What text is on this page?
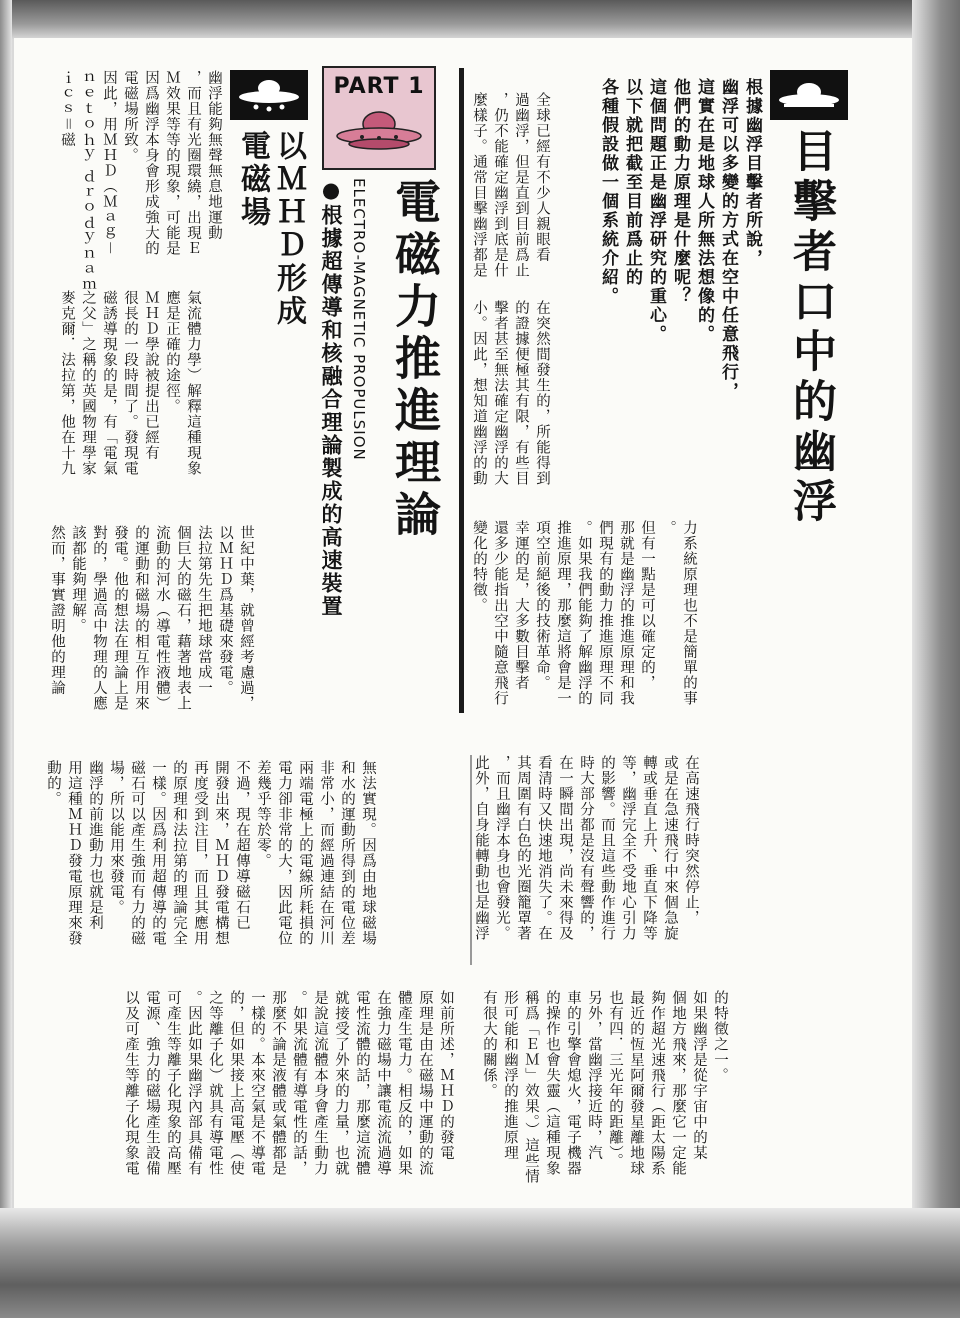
目擊者口中的幽浮
根據幽浮目擊者所說，
幽浮可以多變的方式在空中任意飛行，
這實在是地球人所無法想像的。
他們的動力原理是什麼呢？
這個問題正是幽浮研究的重心。
以下就把截至目前爲止的
各種假設做一個系統介紹。
全球已經有不少人親眼看
過幽浮，但是直到目前爲止
，仍不能確定幽浮到底是什
麼樣子。通常目擊幽浮都是
在突然間發生的，所能得到
的證據便極其有限，有些目
擊者甚至無法確定幽浮的大
小。因此，想知道幽浮的動
力系統原理也不是簡單的事
。
但有一點是可以確定的，
那就是幽浮的推進原理和我
們現有的動力推進原理不同
。如果我們能夠了解幽浮的
推進原理，那麼這將會是一
項空前絕後的技術革命。
幸運的是，大多數目擊者
還多少能指出空中隨意飛行
變化的特徵。
在高速飛行時突然停止，
或是在急速飛行中來個急旋
轉或垂直上升、垂直下降等
等，幽浮完全不受地心引力
的影響。而且這些動作進行
時大部分都是沒有聲響的，
在一瞬間出現，尚未來得及
看清時又快速地消失了。在
其周圍有白色的光圈籠罩著
，而且幽浮本身也會發光。
此外，自身能轉動也是幽浮
的特徵之一。
如果幽浮是從宇宙中的某
個地方飛來，那麼它一定能
夠作超光速飛行（距太陽系
最近的恆星阿爾發星離地球
也有四．三光年的距離）。
另外，當幽浮接近時，汽
車的引擎會熄火，電子機器
的操作也會失靈（這種現象
稱爲「ＥＭ」效果。）這些情
形可能和幽浮的推進原理
有很大的關係。
PART 1
電磁力推進理論
ELECTRO-MAGNETIC PROPULSION
●根據超傳導和核融合理論製成的高速裝置
以ＭＨＤ形成
電磁場
幽浮能夠無聲無息地運動
，而且有光圈環繞，出現Ｅ
Ｍ效果等等的現象，可能是
因爲幽浮本身會形成強大的
電磁場所致。
因此，用ＭＨＤ（Ｍａｇ－
ｎｅｔｏｈｙ ｄｒｏｄｙｎａｍｉｃｓ＝磁
氣流體力學）解釋這種現象
應是正確的途徑。
ＭＨＤ學說被提出已經有
很長的一段時間了。發現電
磁誘導現象的是，有「電氣
之父」之稱的英國物理學家
麥克爾．法拉第，他在十九
世紀中葉，就曾經考慮過，
以ＭＨＤ爲基礎來發電。
法拉第先生把地球當成一
個巨大的磁石，藉著地表上
流動的河水（導電性液體）
的運動和磁場的相互作用來
發電。他的想法在理論上是
對的，學過高中物理的人應
該都能夠理解。
然而，事實證明他的理論
無法實現。因爲由地球磁場
和水的運動所得到的電位差
非常小，而經過連結在河川
兩端電極上的電線所耗損的
電力卻非常的大，因此電位
差幾乎等於零。
不過，現在超傳導磁石已
開發出來，ＭＨＤ發電構想
再度受到注目，而且其應用
的原理和法拉第的理論完全
一樣。因爲利用超傳導的電
磁石可以產生強而有力的磁
場，所以能用來發電。
幽浮的前進動力也就是利
用這種ＭＨＤ發電原理來發
動的。
如前所述，ＭＨＤ的發電
原理是由在磁場中運動的流
體產生電力。相反的，如果
在強力磁場中讓電流流過導
電性流體的話，那麼這流體
就接受了外來的力量，也就
是說這流體本身會產生動力
。如果流體有導電性的話，
那麼不論是液體或氣體都是
一樣的。本來空氣是不導電
的，但如果接上高電壓（使
之等離子化）就具有導電性
。因此如果幽浮內部具備有
可產生等離子化現象的高壓
電源、強力的磁場產生設備
以及可產生等離子化現象電
